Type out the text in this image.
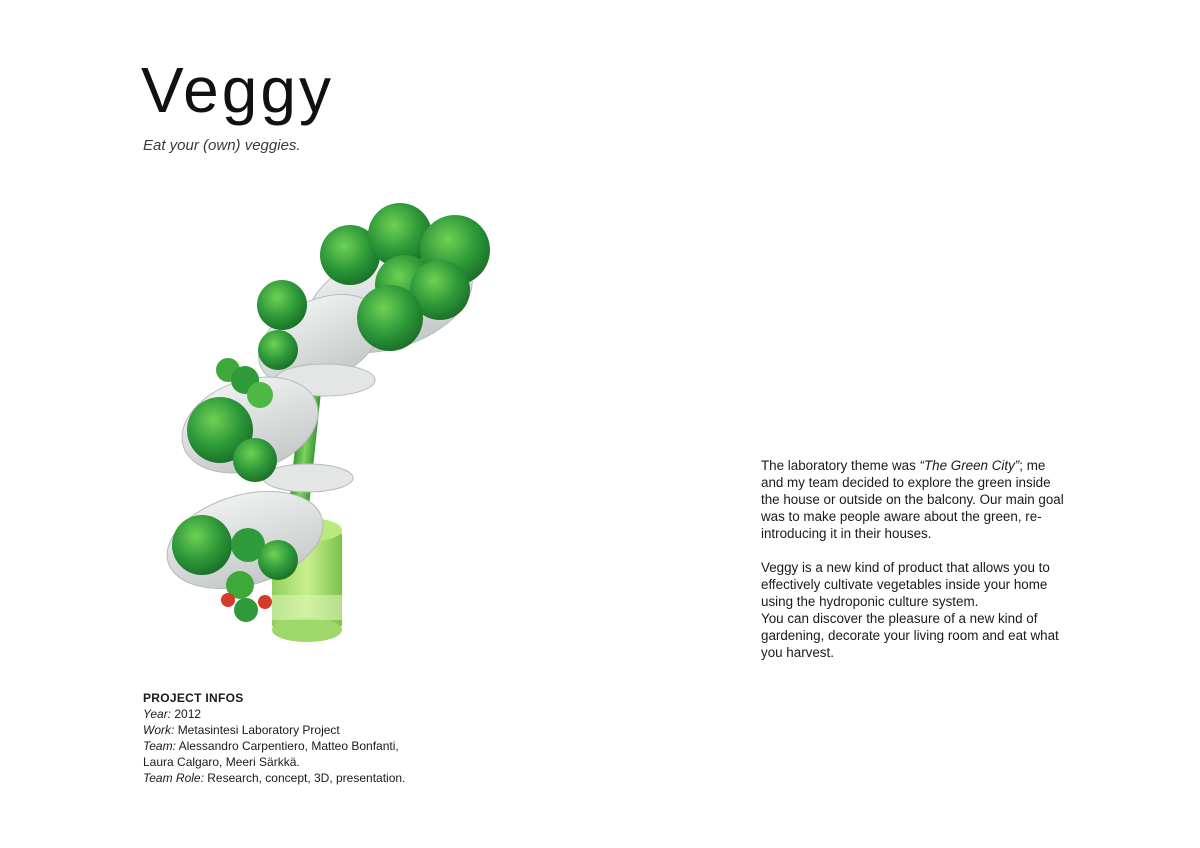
Veggy

Eat your (own) veggies.

PROJECT INFOS
Year: 2012
Work: Metasintesi Laboratory Project
Team: Alessandro Carpentiero, Matteo Bonfanti,
Laura Calgaro, Meeri Särkkä.
Team Role: Research, concept, 3D, presentation.

The laboratory theme was “The Green City”; me and my team decided to explore the green inside the house or outside on the balcony. Our main goal was to make people aware about the green, re-introducing it in their houses.

Veggy is a new kind of product that allows you to effectively cultivate vegetables inside your home using the hydroponic culture system.
You can discover the pleasure of a new kind of gardening, decorate your living room and eat what you harvest.
